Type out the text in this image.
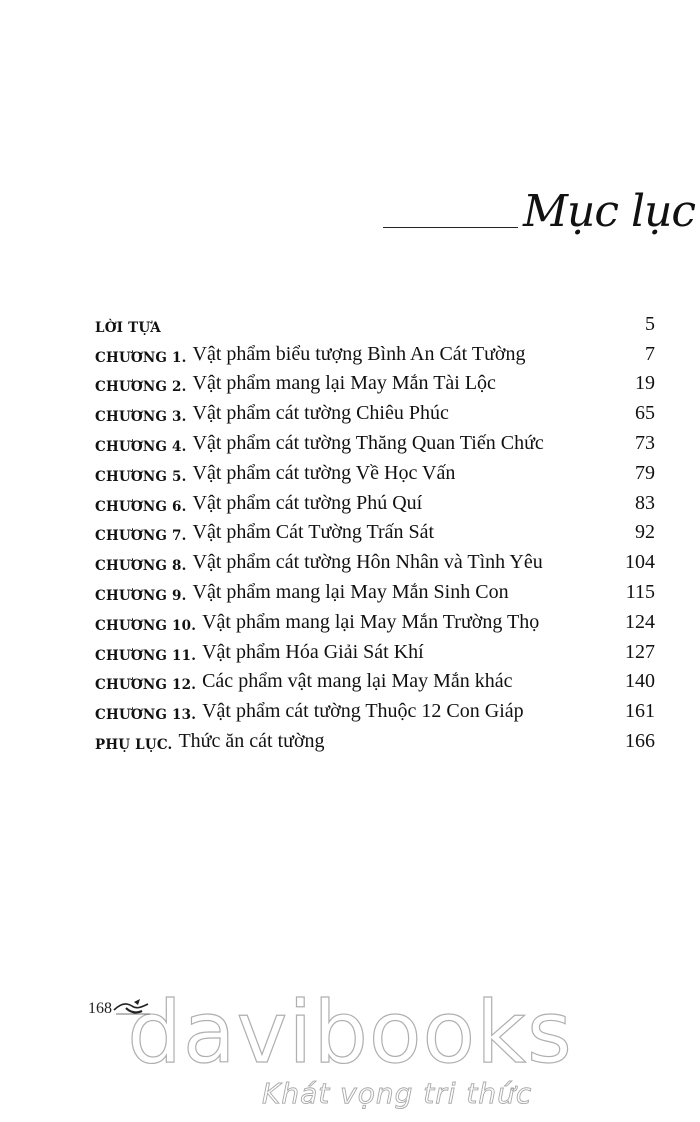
Mục lục
LỜI TỰA	5
CHƯƠNG 1. Vật phẩm biểu tượng Bình An Cát Tường	7
CHƯƠNG 2. Vật phẩm mang lại May Mắn Tài Lộc	19
CHƯƠNG 3. Vật phẩm cát tường Chiêu Phúc	65
CHƯƠNG 4. Vật phẩm cát tường Thăng Quan Tiến Chức	73
CHƯƠNG 5. Vật phẩm cát tường Về Học Vấn	79
CHƯƠNG 6. Vật phẩm cát tường Phú Quí	83
CHƯƠNG 7. Vật phẩm Cát Tường Trấn Sát	92
CHƯƠNG 8. Vật phẩm cát tường Hôn Nhân và Tình Yêu	104
CHƯƠNG 9. Vật phẩm mang lại May Mắn Sinh Con	115
CHƯƠNG 10. Vật phẩm mang lại May Mắn Trường Thọ	124
CHƯƠNG 11. Vật phẩm Hóa Giải Sát Khí	127
CHƯƠNG 12. Các phẩm vật mang lại May Mắn khác	140
CHƯƠNG 13. Vật phẩm cát tường Thuộc 12 Con Giáp	161
PHỤ LỤC. Thức ăn cát tường	166
168 davibooks
Khát vọng tri thức
